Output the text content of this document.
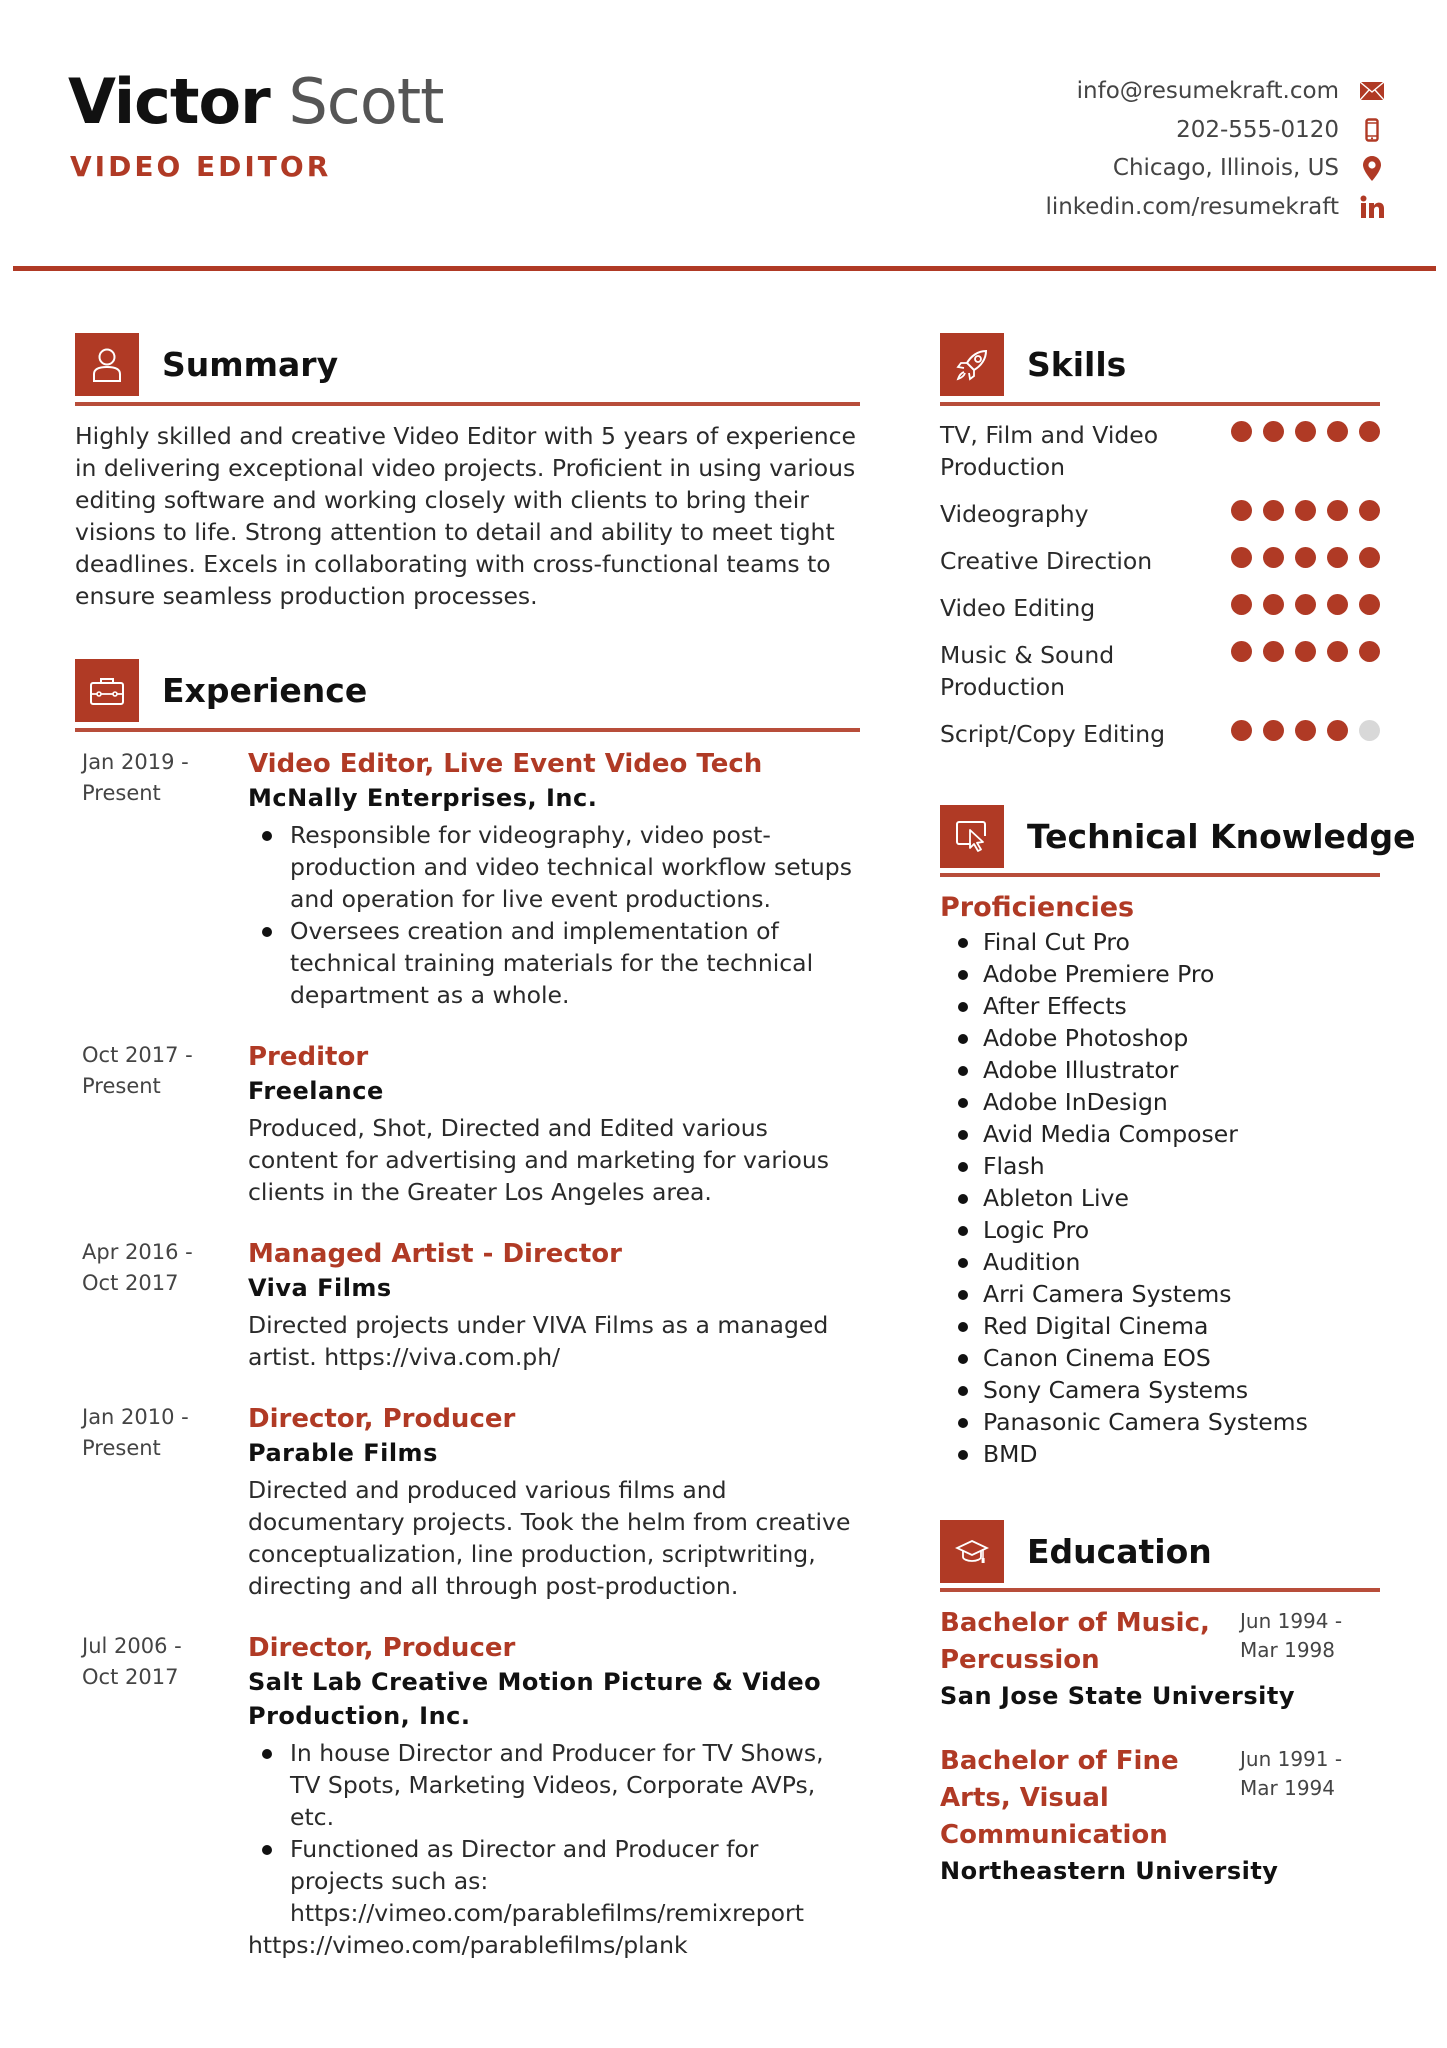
Victor Scott
VIDEO EDITOR
info@resumekraft.com
202-555-0120
Chicago, Illinois, US
linkedin.com/resumekraft
Summary
Highly skilled and creative Video Editor with 5 years of experience in delivering exceptional video projects. Proficient in using various editing software and working closely with clients to bring their visions to life. Strong attention to detail and ability to meet tight deadlines. Excels in collaborating with cross-functional teams to ensure seamless production processes.
Experience
Jan 2019 -
Present
Video Editor, Live Event Video Tech
McNally Enterprises, Inc.
Responsible for videography, video post-production and video technical workflow setups and operation for live event productions.
Oversees creation and implementation of technical training materials for the technical department as a whole.
Oct 2017 -
Present
Preditor
Freelance
Produced, Shot, Directed and Edited various content for advertising and marketing for various clients in the Greater Los Angeles area.
Apr 2016 -
Oct 2017
Managed Artist - Director
Viva Films
Directed projects under VIVA Films as a managed artist. https://viva.com.ph/
Jan 2010 -
Present
Director, Producer
Parable Films
Directed and produced various films and documentary projects. Took the helm from creative conceptualization, line production, scriptwriting, directing and all through post-production.
Jul 2006 -
Oct 2017
Director, Producer
Salt Lab Creative Motion Picture & Video Production, Inc.
In house Director and Producer for TV Shows, TV Spots, Marketing Videos, Corporate AVPs, etc.
Functioned as Director and Producer for projects such as: https://vimeo.com/parablefilms/remixreport
https://vimeo.com/parablefilms/plank
Skills
TV, Film and Video Production
Videography
Creative Direction
Video Editing
Music & Sound Production
Script/Copy Editing
Technical Knowledge
Proficiencies
Final Cut Pro
Adobe Premiere Pro
After Effects
Adobe Photoshop
Adobe Illustrator
Adobe InDesign
Avid Media Composer
Flash
Ableton Live
Logic Pro
Audition
Arri Camera Systems
Red Digital Cinema
Canon Cinema EOS
Sony Camera Systems
Panasonic Camera Systems
BMD
Education
Bachelor of Music, Percussion
Jun 1994 -
Mar 1998
San Jose State University
Bachelor of Fine Arts, Visual Communication
Jun 1991 -
Mar 1994
Northeastern University
